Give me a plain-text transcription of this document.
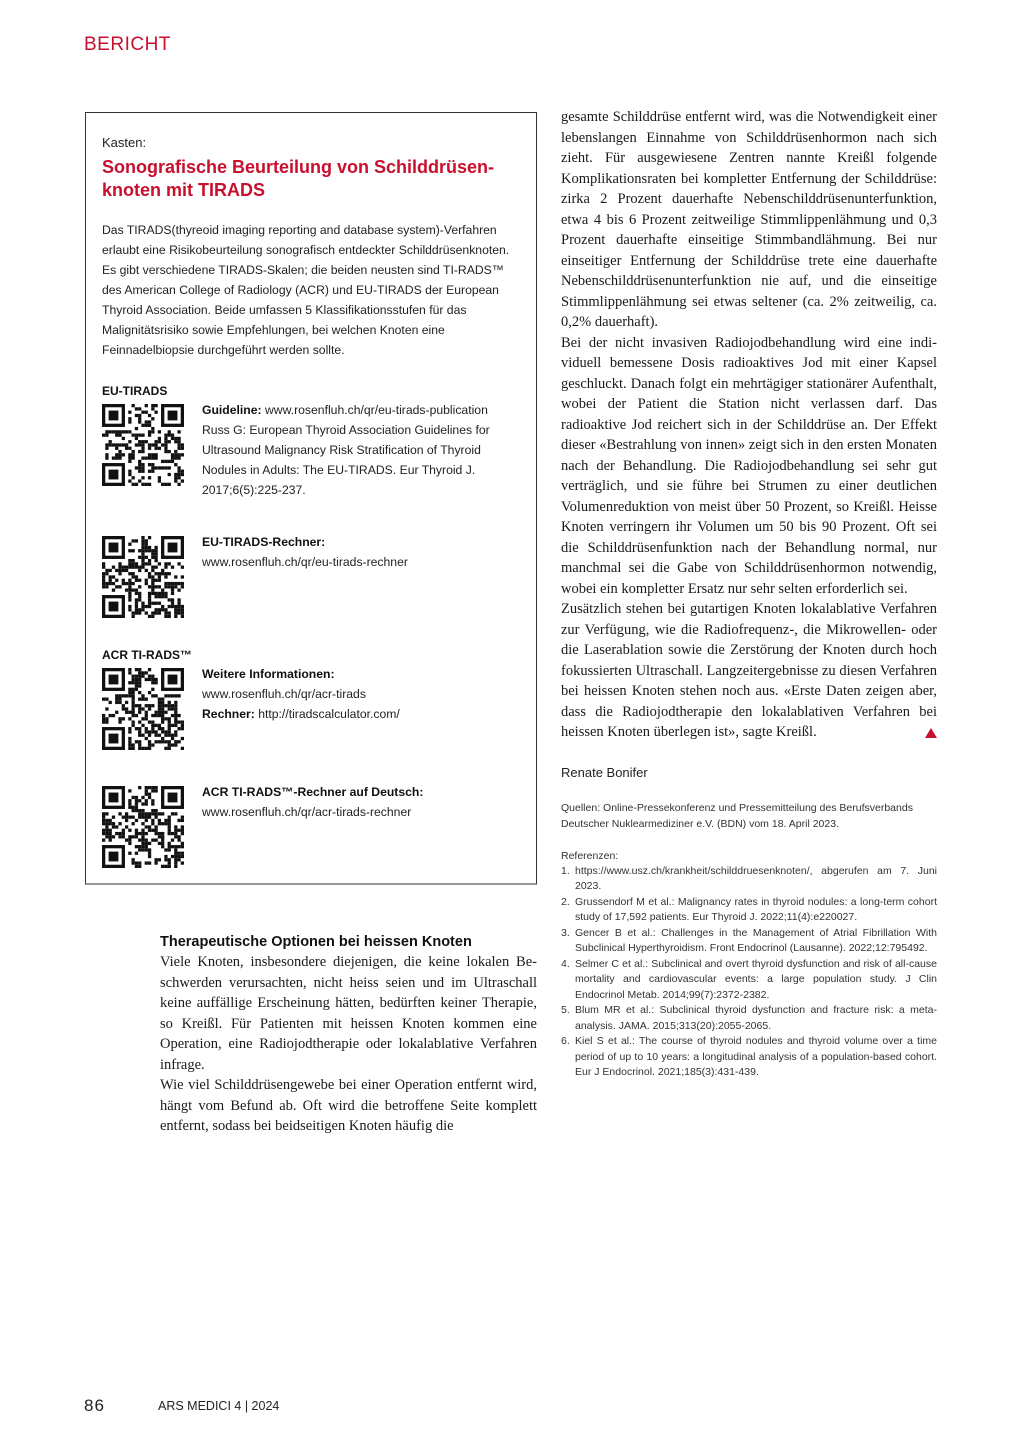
BERICHT
Kasten:
Sonografische Beurteilung von Schilddrüsen-
knoten mit TIRADS
Das TIRADS(thyreoid imaging reporting and database system)-Verfahren erlaubt eine Risikobeurteilung sonografisch entdeckter Schilddrüsenknoten. Es gibt verschiedene TIRADS-Skalen; die beiden neusten sind TI-RADS™ des American College of Radiology (ACR) und EU-TIRADS der European Thyroid Association. Beide umfassen 5 Klassifikationsstufen für das Malignitätsrisiko sowie Empfehlungen, bei welchen Knoten eine Feinnadelbiopsie durchgeführt werden sollte.
EU-TIRADS
Guideline: www.rosenfluh.ch/qr/eu-tirads-publication
Russ G: European Thyroid Association Guidelines for Ultrasound Malignancy Risk Stratification of Thyroid Nodules in Adults: The EU-TIRADS. Eur Thyroid J. 2017;6(5):225-237.
EU-TIRADS-Rechner:
www.rosenfluh.ch/qr/eu-tirads-rechner
ACR TI-RADS™
Weitere Informationen:
www.rosenfluh.ch/qr/acr-tirads
Rechner: http://tiradscalculator.com/
ACR TI-RADS™-Rechner auf Deutsch:
www.rosenfluh.ch/qr/acr-tirads-rechner
Therapeutische Optionen bei heissen Knoten

Viele Knoten, insbesondere diejenigen, die keine lokalen Beschwerden verursachten, nicht heiss seien und im Ultraschall keine auffällige Erscheinung hätten, bedürften keiner Therapie, so Kreißl. Für Patienten mit heissen Knoten kommen eine Operation, eine Radiojodtherapie oder lokalablative Verfahren infrage.

Wie viel Schilddrüsengewebe bei einer Operation entfernt wird, hängt vom Befund ab. Oft wird die betroffene Seite komplett entfernt, sodass bei beidseitigen Knoten häufig die

gesamte Schilddrüse entfernt wird, was die Notwendigkeit einer lebenslangen Einnahme von Schilddrüsenhormon nach sich zieht. Für ausgewiesene Zentren nannte Kreißl folgende Komplikationsraten bei kompletter Entfernung der Schilddrüse: zirka 2 Prozent dauerhafte Nebenschilddrüsenunterfunktion, etwa 4 bis 6 Prozent zeitweilige Stimmlippenlähmung und 0,3 Prozent dauerhafte einseitige Stimmbandlähmung. Bei nur einseitiger Entfernung der Schilddrüse trete eine dauerhafte Nebenschilddrüsenunterfunktion nie auf, und die einseitige Stimmlippenlähmung sei etwas seltener (ca. 2% zeitweilig, ca. 0,2% dauerhaft).

Bei der nicht invasiven Radiojodbehandlung wird eine individuell bemessene Dosis radioaktives Jod mit einer Kapsel geschluckt. Danach folgt ein mehrtägiger stationärer Aufenthalt, wobei der Patient die Station nicht verlassen darf. Das radioaktive Jod reichert sich in der Schilddrüse an. Der Effekt dieser «Bestrahlung von innen» zeigt sich in den ersten Monaten nach der Behandlung. Die Radiojodbehandlung sei sehr gut verträglich, und sie führe bei Strumen zu einer deutlichen Volumenreduktion von meist über 50 Prozent, so Kreißl. Heisse Knoten verringern ihr Volumen um 50 bis 90 Prozent. Oft sei die Schilddrüsenfunktion nach der Behandlung normal, nur manchmal sei die Gabe von Schilddrüsenhormon notwendig, wobei ein kompletter Ersatz nur sehr selten erforderlich sei.

Zusätzlich stehen bei gutartigen Knoten lokalablative Verfahren zur Verfügung, wie die Radiofrequenz-, die Mikrowellen- oder die Laserablation sowie die Zerstörung der Knoten durch hoch fokussierten Ultraschall. Langzeitergebnisse zu diesen Verfahren bei heissen Knoten stehen noch aus. «Erste Daten zeigen aber, dass die Radiojodtherapie den lokalablativen Verfahren bei heissen Knoten überlegen ist», sagte Kreißl.

Renate Bonifer
Quellen: Online-Pressekonferenz und Pressemitteilung des Berufsverbands Deutscher Nuklearmediziner e.V. (BDN) vom 18. April 2023.
Referenzen:
1. https://www.usz.ch/krankheit/schilddruesenknoten/, abgerufen am 7. Juni 2023.
2. Grussendorf M et al.: Malignancy rates in thyroid nodules: a long-term cohort study of 17,592 patients. Eur Thyroid J. 2022;11(4):e220027.
3. Gencer B et al.: Challenges in the Management of Atrial Fibrillation With Subclinical Hyperthyroidism. Front Endocrinol (Lausanne). 2022;12:795492.
4. Selmer C et al.: Subclinical and overt thyroid dysfunction and risk of all-cause mortality and cardiovascular events: a large population study. J Clin Endocrinol Metab. 2014;99(7):2372-2382.
5. Blum MR et al.: Subclinical thyroid dysfunction and fracture risk: a meta-analysis. JAMA. 2015;313(20):2055-2065.
6. Kiel S et al.: The course of thyroid nodules and thyroid volume over a time period of up to 10 years: a longitudinal analysis of a population-based cohort. Eur J Endocrinol. 2021;185(3):431-439.
86	ARS MEDICI 4 | 2024
